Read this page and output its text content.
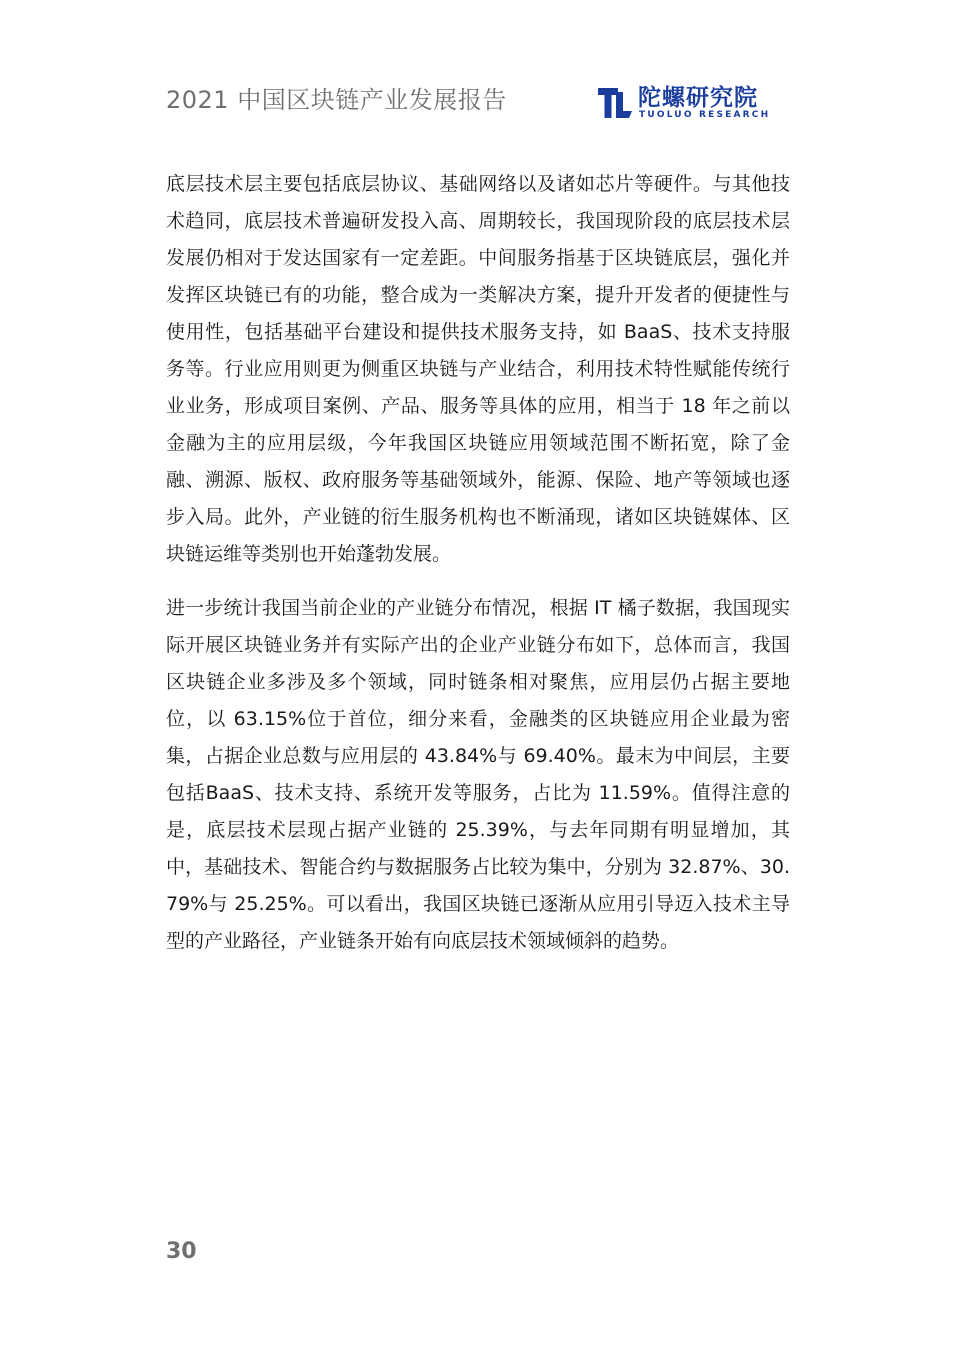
2021 中国区块链产业发展报告	陀螺研究院
TUOLUO RESEARCH

底层技术层主要包括底层协议、基础网络以及诸如芯片等硬件。与其他技术趋同，底层技术普遍研发投入高、周期较长，我国现阶段的底层技术层发展仍相对于发达国家有一定差距。中间服务指基于区块链底层，强化并发挥区块链已有的功能，整合成为一类解决方案，提升开发者的便捷性与使用性，包括基础平台建设和提供技术服务支持，如 BaaS、技术支持服务等。行业应用则更为侧重区块链与产业结合，利用技术特性赋能传统行业业务，形成项目案例、产品、服务等具体的应用，相当于 18 年之前以金融为主的应用层级，今年我国区块链应用领域范围不断拓宽，除了金融、溯源、版权、政府服务等基础领域外，能源、保险、地产等领域也逐步入局。此外，产业链的衍生服务机构也不断涌现，诸如区块链媒体、区块链运维等类别也开始蓬勃发展。

进一步统计我国当前企业的产业链分布情况，根据 IT 橘子数据，我国现实际开展区块链业务并有实际产出的企业产业链分布如下，总体而言，我国区块链企业多涉及多个领域，同时链条相对聚焦，应用层仍占据主要地位，以 63.15%位于首位，细分来看，金融类的区块链应用企业最为密集，占据企业总数与应用层的 43.84%与 69.40%。最末为中间层，主要包括BaaS、技术支持、系统开发等服务，占比为 11.59%。值得注意的是，底层技术层现占据产业链的 25.39%，与去年同期有明显增加，其中，基础技术、智能合约与数据服务占比较为集中，分别为 32.87%、30.79%与 25.25%。可以看出，我国区块链已逐渐从应用引导迈入技术主导型的产业路径，产业链条开始有向底层技术领域倾斜的趋势。

30
